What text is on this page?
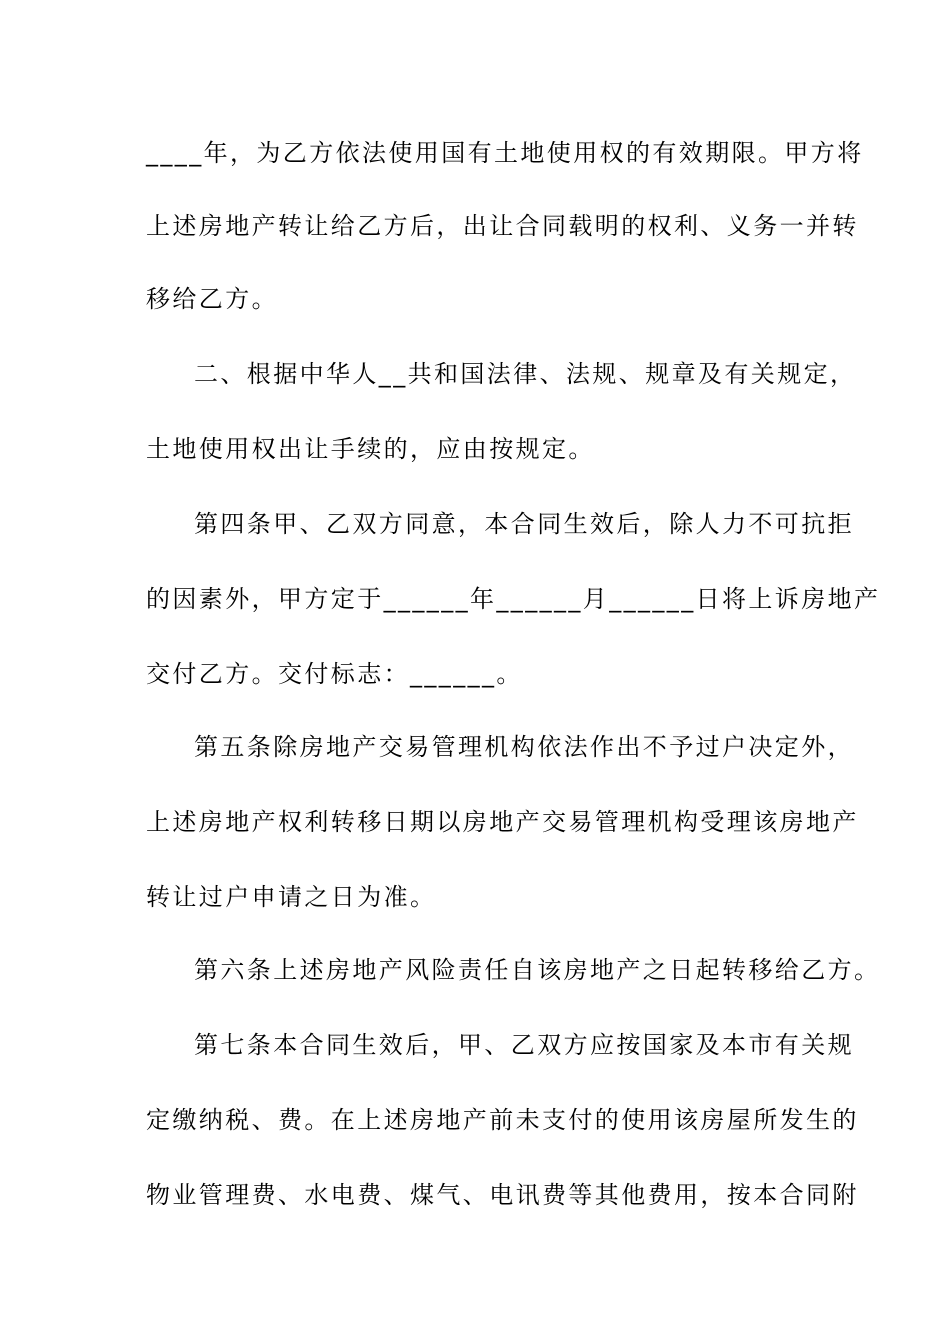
____年，为乙方依法使用国有土地使用权的有效期限。甲方将
上述房地产转让给乙方后，出让合同载明的权利、义务一并转
移给乙方。
二、根据中华人__共和国法律、法规、规章及有关规定，
土地使用权出让手续的，应由按规定。
第四条甲、乙双方同意，本合同生效后，除人力不可抗拒
的因素外，甲方定于______年______月______日将上诉房地产
交付乙方。交付标志：______。
第五条除房地产交易管理机构依法作出不予过户决定外，
上述房地产权利转移日期以房地产交易管理机构受理该房地产
转让过户申请之日为准。
第六条上述房地产风险责任自该房地产之日起转移给乙方。
第七条本合同生效后，甲、乙双方应按国家及本市有关规
定缴纳税、费。在上述房地产前未支付的使用该房屋所发生的
物业管理费、水电费、煤气、电讯费等其他费用，按本合同附
